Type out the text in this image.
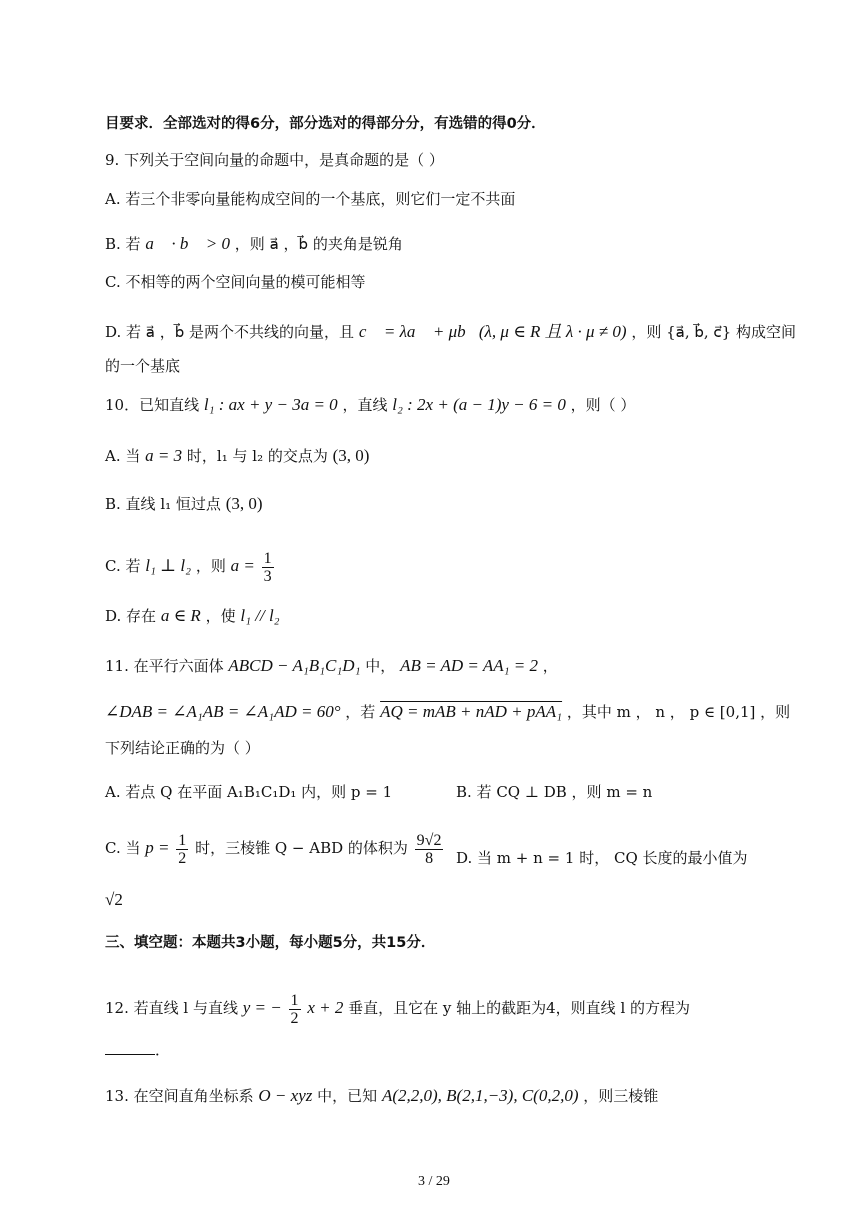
目要求．全部选对的得6分，部分选对的得部分分，有选错的得0分．
9. 下列关于空间向量的命题中，是真命题的是（ ）
A. 若三个非零向量能构成空间的一个基底，则它们一定不共面
B. 若 a⃗ · b⃗ > 0 ，则 a⃗ ，b⃗ 的夹角是锐角
C. 不相等的两个空间向量的模可能相等
D. 若 a⃗ ，b⃗ 是两个不共线的向量，且 c⃗ = λa⃗ + μb⃗(λ, μ ∈ R 且 λ · μ ≠ 0) ，则 {a⃗, b⃗, c⃗} 构成空间
的一个基底
10．已知直线 l₁ : ax + y − 3a = 0 ，直线 l₂ : 2x + (a − 1)y − 6 = 0 ，则（ ）
A. 当 a = 3 时，l₁ 与 l₂ 的交点为 (3, 0)
B. 直线 l₁ 恒过点 (3, 0)
C. 若 l₁ ⊥ l₂ ，则 $a = \frac{1}{3}$
D. 存在 a ∈ R ，使 l₁ // l₂
11. 在平行六面体 ABCD − A₁B₁C₁D₁ 中， AB = AD = AA₁ = 2 ，
∠DAB = ∠A₁AB = ∠A₁AD = 60° ，若 AQ = mAB + nAD + pAA₁ ，其中 m ， n ， p ∈ [0,1] ，则
下列结论正确的为（ ）
A. 若点 Q 在平面 A₁B₁C₁D₁ 内，则 p = 1	B. 若 CQ ⊥ DB ，则 m = n
C. 当 $p = \frac{1}{2}$ 时，三棱锥 Q − ABD 的体积为 $\frac{9√2}{8} D$. 当 m + n = 1 时， CQ 长度的最小值为
√2
三、填空题：本题共3小题，每小题5分，共15分．
12. 若直线 l 与直线 y = − $\frac{1}{2}$ x + 2 垂直，且它在 y 轴上的截距为4，则直线 l 的方程为
．
13. 在空间直角坐标系 O − xyz 中，已知 A(2,2,0), B(2,1,−3), C(0,2,0) ，则三棱锥
3 / 29
